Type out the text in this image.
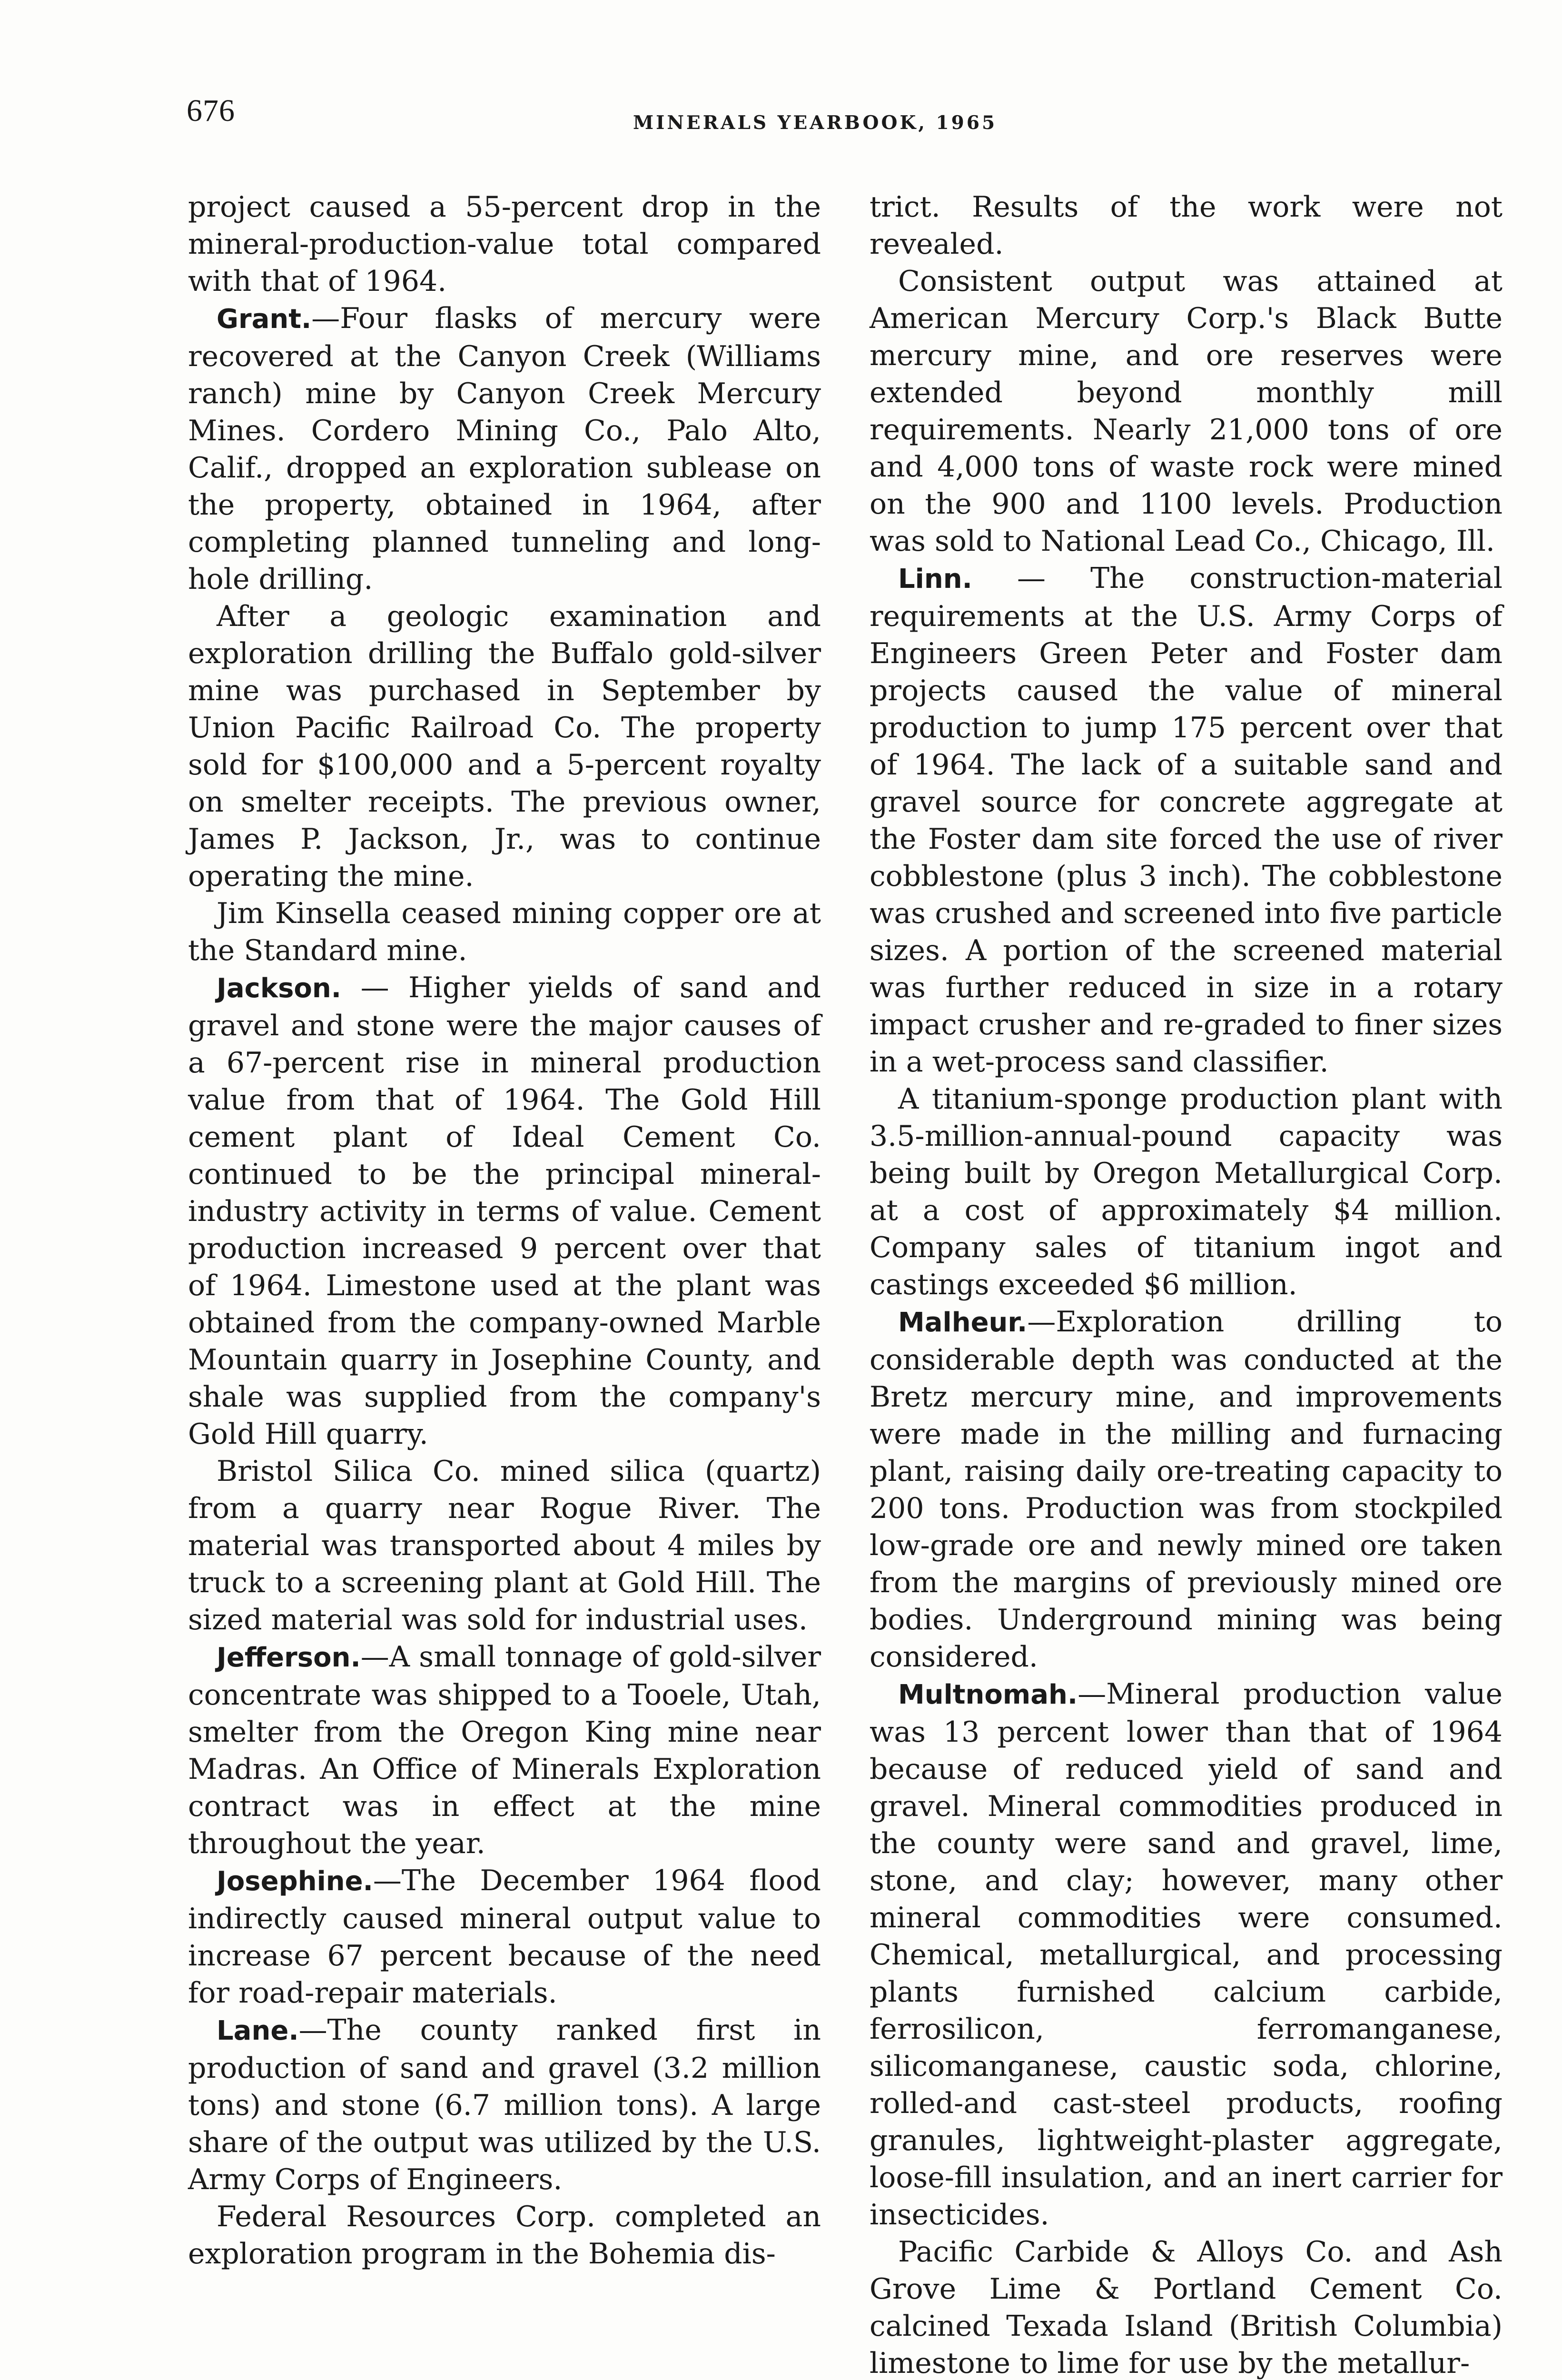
676	MINERALS YEARBOOK, 1965

project caused a 55-percent drop in the mineral-production-value total compared with that of 1964.

Grant.—Four flasks of mercury were recovered at the Canyon Creek (Williams ranch) mine by Canyon Creek Mercury Mines. Cordero Mining Co., Palo Alto, Calif., dropped an exploration sublease on the property, obtained in 1964, after completing planned tunneling and long-hole drilling.

After a geologic examination and exploration drilling the Buffalo gold-silver mine was purchased in September by Union Pacific Railroad Co. The property sold for $100,000 and a 5-percent royalty on smelter receipts. The previous owner, James P. Jackson, Jr., was to continue operating the mine.

Jim Kinsella ceased mining copper ore at the Standard mine.

Jackson. — Higher yields of sand and gravel and stone were the major causes of a 67-percent rise in mineral production value from that of 1964. The Gold Hill cement plant of Ideal Cement Co. continued to be the principal mineral-industry activity in terms of value. Cement production increased 9 percent over that of 1964. Limestone used at the plant was obtained from the company-owned Marble Mountain quarry in Josephine County, and shale was supplied from the company's Gold Hill quarry.

Bristol Silica Co. mined silica (quartz) from a quarry near Rogue River. The material was transported about 4 miles by truck to a screening plant at Gold Hill. The sized material was sold for industrial uses.

Jefferson.—A small tonnage of gold-silver concentrate was shipped to a Tooele, Utah, smelter from the Oregon King mine near Madras. An Office of Minerals Exploration contract was in effect at the mine throughout the year.

Josephine.—The December 1964 flood indirectly caused mineral output value to increase 67 percent because of the need for road-repair materials.

Lane.—The county ranked first in production of sand and gravel (3.2 million tons) and stone (6.7 million tons). A large share of the output was utilized by the U.S. Army Corps of Engineers.

Federal Resources Corp. completed an exploration program in the Bohemia dis-

trict. Results of the work were not revealed.

Consistent output was attained at American Mercury Corp.'s Black Butte mercury mine, and ore reserves were extended beyond monthly mill requirements. Nearly 21,000 tons of ore and 4,000 tons of waste rock were mined on the 900 and 1100 levels. Production was sold to National Lead Co., Chicago, Ill.

Linn. — The construction-material requirements at the U.S. Army Corps of Engineers Green Peter and Foster dam projects caused the value of mineral production to jump 175 percent over that of 1964. The lack of a suitable sand and gravel source for concrete aggregate at the Foster dam site forced the use of river cobblestone (plus 3 inch). The cobblestone was crushed and screened into five particle sizes. A portion of the screened material was further reduced in size in a rotary impact crusher and re-graded to finer sizes in a wet-process sand classifier.

A titanium-sponge production plant with 3.5-million-annual-pound capacity was being built by Oregon Metallurgical Corp. at a cost of approximately $4 million. Company sales of titanium ingot and castings exceeded $6 million.

Malheur.—Exploration drilling to considerable depth was conducted at the Bretz mercury mine, and improvements were made in the milling and furnacing plant, raising daily ore-treating capacity to 200 tons. Production was from stockpiled low-grade ore and newly mined ore taken from the margins of previously mined ore bodies. Underground mining was being considered.

Multnomah.—Mineral production value was 13 percent lower than that of 1964 because of reduced yield of sand and gravel. Mineral commodities produced in the county were sand and gravel, lime, stone, and clay; however, many other mineral commodities were consumed. Chemical, metallurgical, and processing plants furnished calcium carbide, ferrosilicon, ferromanganese, silicomanganese, caustic soda, chlorine, rolled-and cast-steel products, roofing granules, lightweight-plaster aggregate, loose-fill insulation, and an inert carrier for insecticides.

Pacific Carbide & Alloys Co. and Ash Grove Lime & Portland Cement Co. calcined Texada Island (British Columbia) limestone to lime for use by the metallur-
